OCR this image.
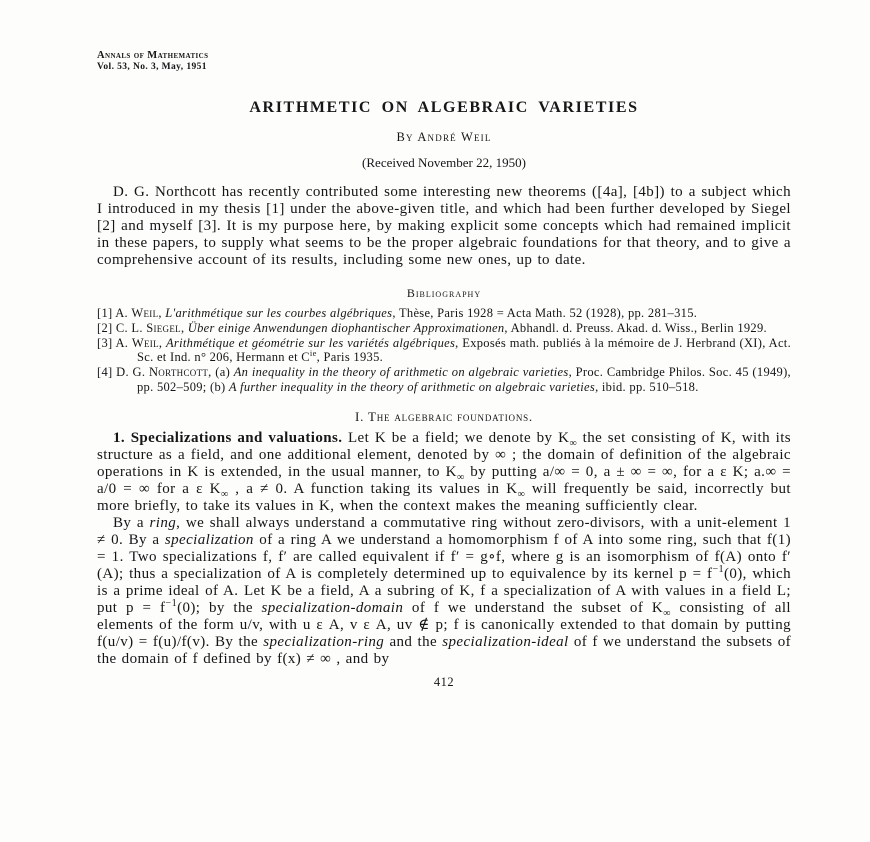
Annals of Mathematics
Vol. 53, No. 3, May, 1951
ARITHMETIC ON ALGEBRAIC VARIETIES
By André Weil
(Received November 22, 1950)

D. G. Northcott has recently contributed some interesting new theorems ([4a], [4b]) to a subject which I introduced in my thesis [1] under the above-given title, and which had been further developed by Siegel [2] and myself [3]. It is my purpose here, by making explicit some concepts which had remained implicit in these papers, to supply what seems to be the proper algebraic foundations for that theory, and to give a comprehensive account of its results, including some new ones, up to date.

Bibliography
[1] A. Weil, L'arithmétique sur les courbes algébriques, Thèse, Paris 1928 = Acta Math. 52 (1928), pp. 281–315.
[2] C. L. Siegel, Über einige Anwendungen diophantischer Approximationen, Abhandl. d. Preuss. Akad. d. Wiss., Berlin 1929.
[3] A. Weil, Arithmétique et géométrie sur les variétés algébriques, Exposés math. publiés à la mémoire de J. Herbrand (XI), Act. Sc. et Ind. n° 206, Hermann et $C^{ie}$, Paris 1935.
[4] D. G. Northcott, (a) An inequality in the theory of arithmetic on algebraic varieties, Proc. Cambridge Philos. Soc. 45 (1949), pp. 502–509; (b) A further inequality in the theory of arithmetic on algebraic varieties, ibid. pp. 510–518.
I. The algebraic foundations.
1. Specializations and valuations. Let K be a field; we denote by $K_\infty$ the set consisting of K, with its structure as a field, and one additional element, denoted by ∞ ; the domain of definition of the algebraic operations in K is extended, in the usual manner, to $K_\infty$ by putting a/∞ = 0, a ± ∞ = ∞, for a ε K; a.∞ = a/0 = ∞ for a ε $K_\infty$ , a ≠ 0. A function taking its values in $K_\infty$ will frequently be said, incorrectly but more briefly, to take its values in K, when the context makes the meaning sufficiently clear.
By a ring, we shall always understand a commutative ring without zero-divisors, with a unit-element 1 ≠ 0. By a specialization of a ring A we understand a homomorphism f of A into some ring, such that f(1) = 1. Two specializations f, f′ are called equivalent if f′ = g∘f, where g is an isomorphism of f(A) onto f′(A); thus a specialization of A is completely determined up to equivalence by its kernel $p = f^{-1}(0)$, which is a prime ideal of A. Let K be a field, A a subring of K, f a specialization of A with values in a field L; put $p = f^{-1}(0)$; by the specialization-domain of f we understand the subset of $K_\infty$ consisting of all elements of the form u/v, with u ε A, v ε A, uv ∉ p; f is canonically extended to that domain by putting f(u/v) = f(u)/f(v). By the specialization-ring and the specialization-ideal of f we understand the subsets of the domain of f defined by f(x) ≠ ∞ , and by
412
